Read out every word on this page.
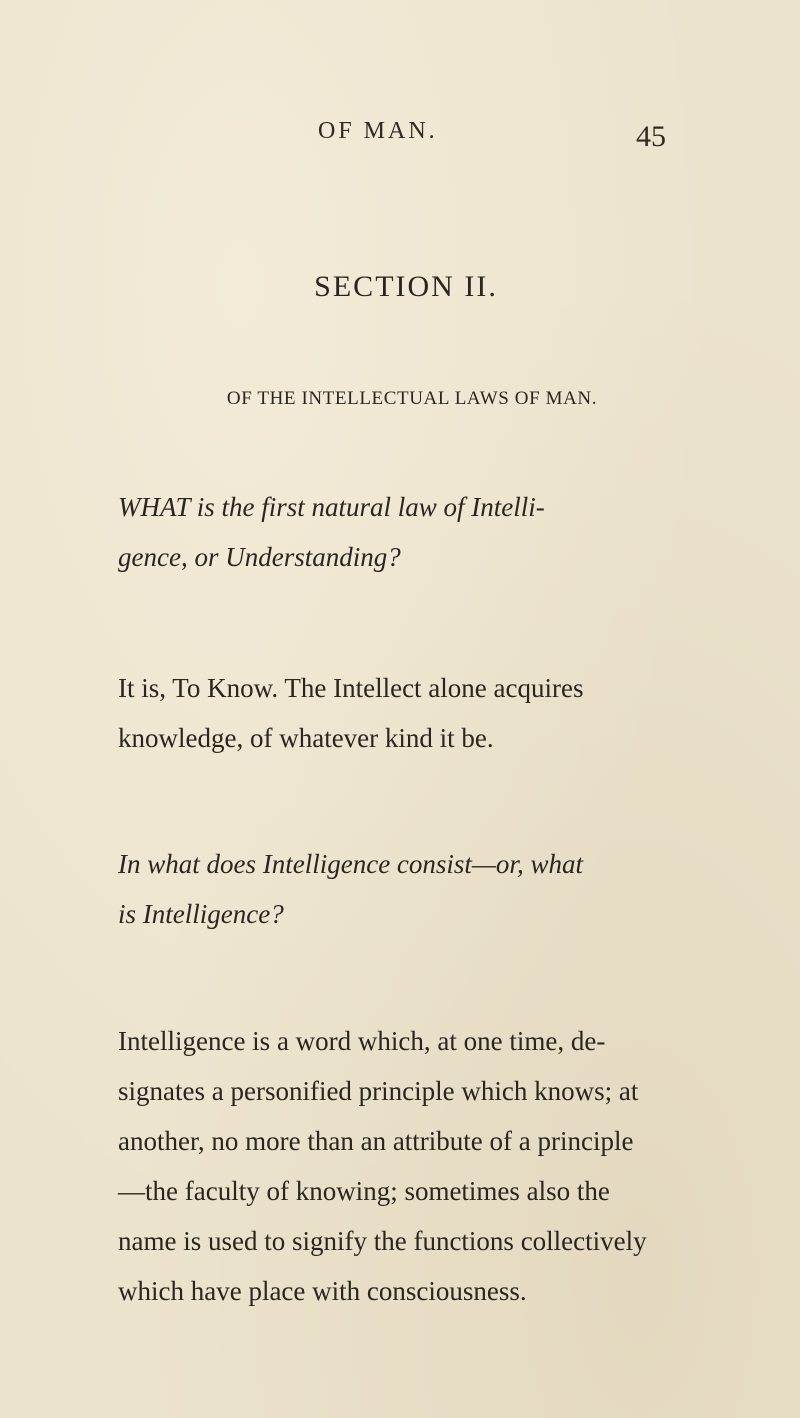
OF MAN.	45
SECTION II.
OF THE INTELLECTUAL LAWS OF MAN.
WHAT is the first natural law of Intelli-
gence, or Understanding?
It is, To Know. The Intellect alone acquires
knowledge, of whatever kind it be.
In what does Intelligence consist—or, what
is Intelligence?
Intelligence is a word which, at one time, de-
signates a personified principle which knows; at
another, no more than an attribute of a principle
—the faculty of knowing; sometimes also the
name is used to signify the functions collectively
which have place with consciousness.
